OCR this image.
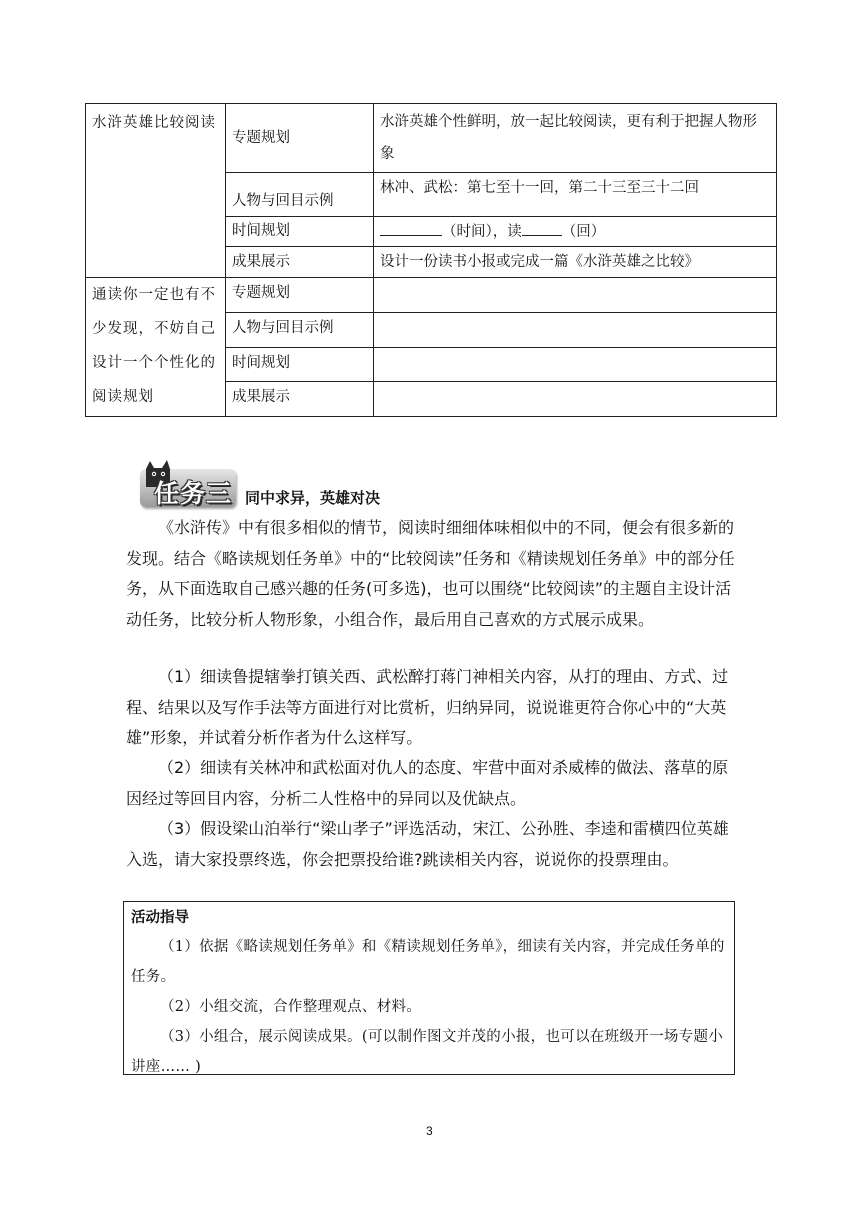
水浒英雄比较阅读	专题规划	水浒英雄个性鲜明，放一起比较阅读，更有利于把握人物形象
	人物与回目示例	林冲、武松：第七至十一回，第二十三至三十二回
	时间规划	（时间），读 （回）
	成果展示	设计一份读书小报或完成一篇《水浒英雄之比较》
通读你一定也有不少发现，不妨自己设计一个个性化的阅读规划	专题规划	
	人物与回目示例	
	时间规划	
	成果展示	
任务三 同中求异，英雄对决

《水浒传》中有很多相似的情节，阅读时细细体味相似中的不同，便会有很多新的发现。结合《略读规划任务单》中的“比较阅读”任务和《精读规划任务单》中的部分任务，从下面选取自己感兴趣的任务(可多选)，也可以围绕“比较阅读”的主题自主设计活动任务，比较分析人物形象，小组合作，最后用自己喜欢的方式展示成果。

（1）细读鲁提辖拳打镇关西、武松醉打蒋门神相关内容，从打的理由、方式、过程、结果以及写作手法等方面进行对比赏析，归纳异同，说说谁更符合你心中的“大英雄”形象，并试着分析作者为什么这样写。

（2）细读有关林冲和武松面对仇人的态度、牢营中面对杀威棒的做法、落草的原因经过等回目内容，分析二人性格中的异同以及优缺点。

（3）假设梁山泊举行“梁山孝子”评选活动，宋江、公孙胜、李逵和雷横四位英雄入选，请大家投票终选，你会把票投给谁?跳读相关内容，说说你的投票理由。

活动指导

（1）依据《略读规划任务单》和《精读规划任务单》，细读有关内容，并完成任务单的任务。

（2）小组交流，合作整理观点、材料。

（3）小组合，展示阅读成果。(可以制作图文并茂的小报，也可以在班级开一场专题小讲座…… )

3
